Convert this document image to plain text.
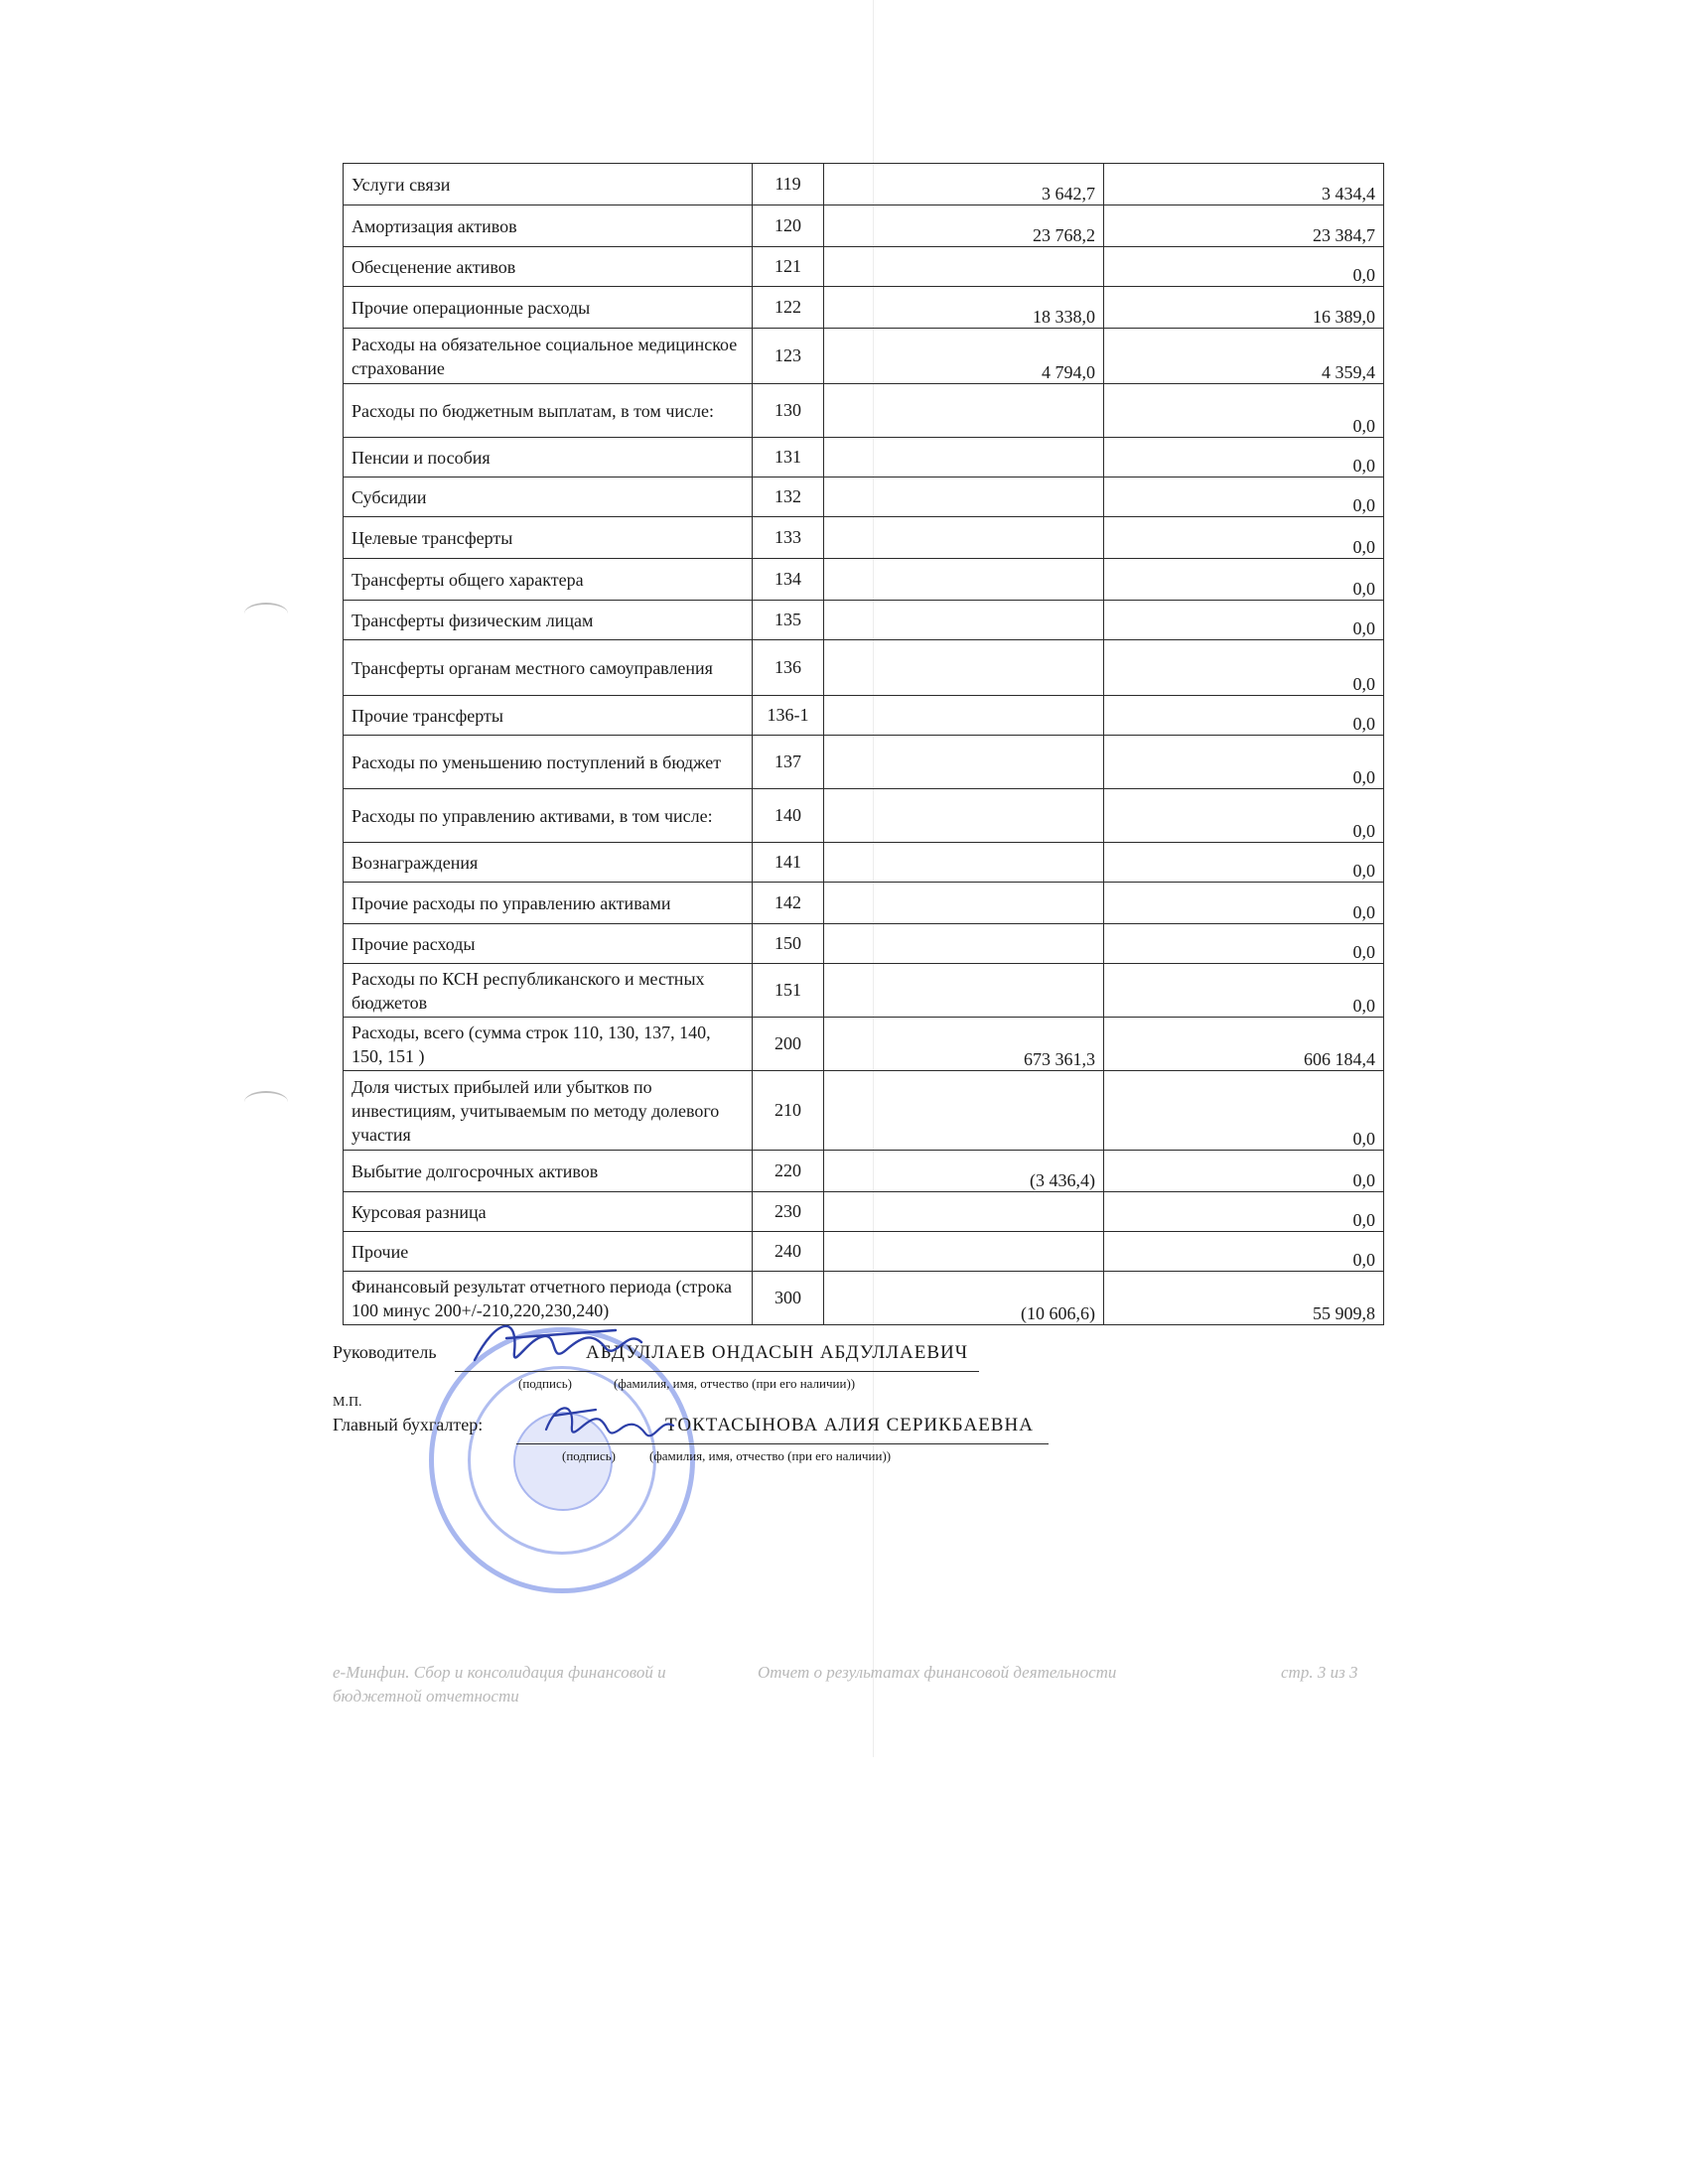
Услуги связи	119	3 642,7	3 434,4
Амортизация активов	120	23 768,2	23 384,7
Обесценение активов	121		0,0
Прочие операционные расходы	122	18 338,0	16 389,0
Расходы на обязательное социальное медицинское страхование	123	4 794,0	4 359,4
Расходы по бюджетным выплатам, в том числе:	130		0,0
Пенсии и пособия	131		0,0
Субсидии	132		0,0
Целевые трансферты	133		0,0
Трансферты общего характера	134		0,0
Трансферты физическим лицам	135		0,0
Трансферты органам местного самоуправления	136		0,0
Прочие трансферты	136-1		0,0
Расходы по уменьшению поступлений в бюджет	137		0,0
Расходы по управлению активами, в том числе:	140		0,0
Вознаграждения	141		0,0
Прочие расходы по управлению активами	142		0,0
Прочие расходы	150		0,0
Расходы по КСН республиканского и местных бюджетов	151		0,0
Расходы, всего (сумма строк 110, 130, 137, 140, 150, 151 )	200	673 361,3	606 184,4
Доля чистых прибылей или убытков по инвестициям, учитываемым по методу долевого участия	210		0,0
Выбытие долгосрочных активов	220	(3 436,4)	0,0
Курсовая разница	230		0,0
Прочие	240		0,0
Финансовый результат отчетного периода (строка 100 минус 200+/-210,220,230,240)	300	(10 606,6)	55 909,8
Руководитель	АБДУЛЛАЕВ ОНДАСЫН АБДУЛЛАЕВИЧ
(подпись)	(фамилия, имя, отчество (при его наличии))
М.П.
Главный бухгалтер:	ТОКТАСЫНОВА АЛИЯ СЕРИКБАЕВНА
(подпись)	(фамилия, имя, отчество (при его наличии))
e-Минфин. Сбор и консолидация финансовой и
бюджетной отчетности
Отчет о результатах финансовой деятельности	стр. 3 из 3
